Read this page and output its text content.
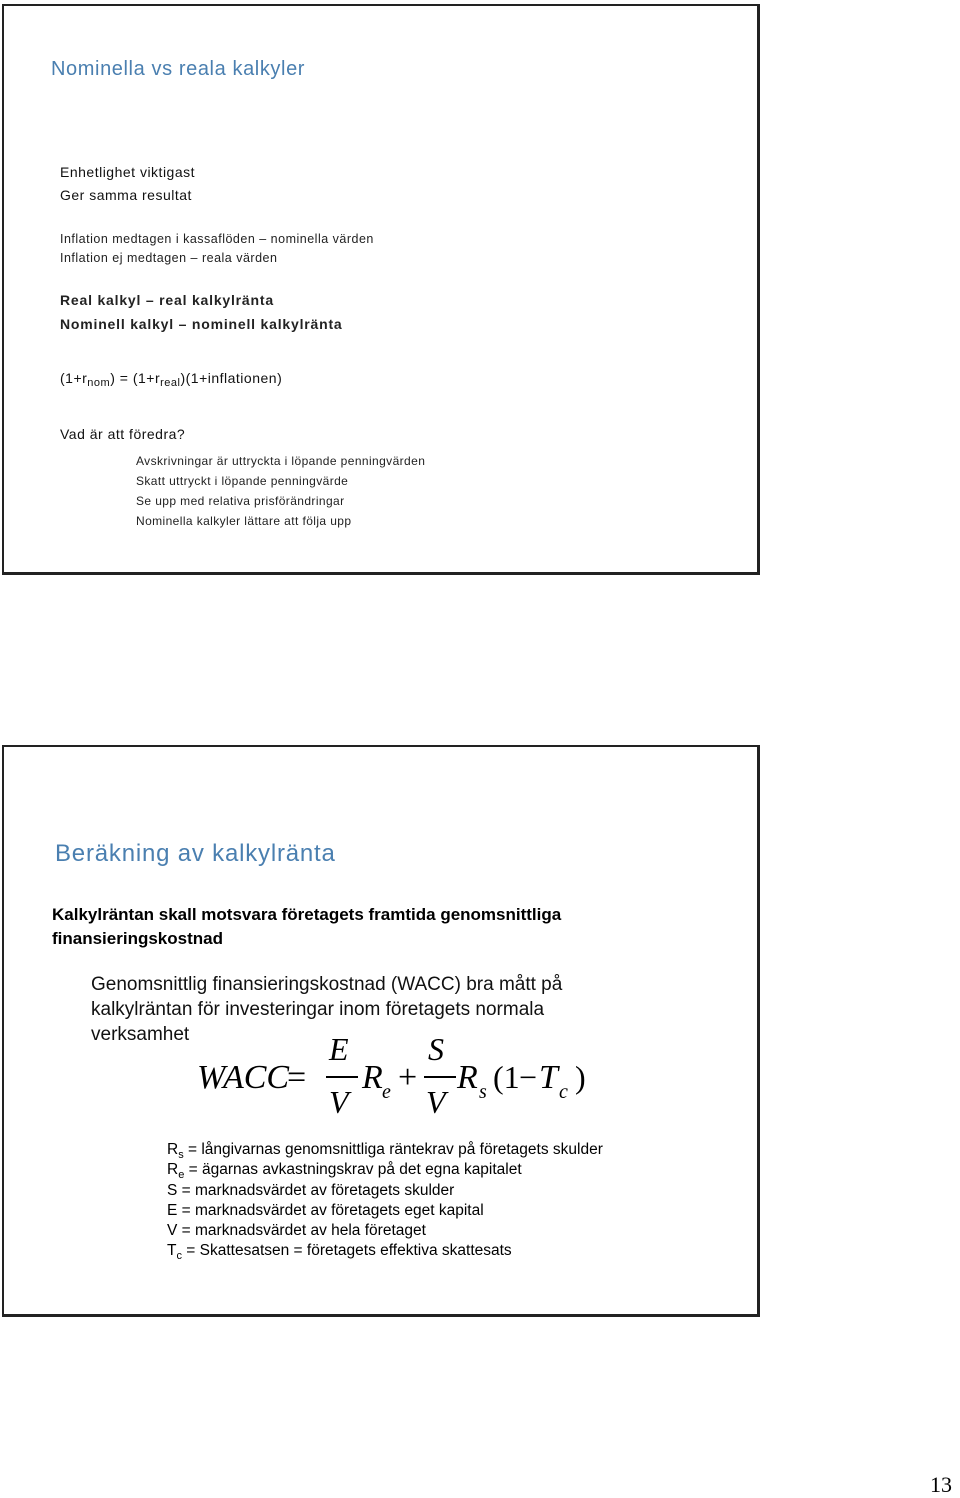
Nominella vs reala kalkyler
Enhetlighet viktigast
Ger samma resultat
Inflation medtagen i kassaflöden – nominella värden
Inflation ej medtagen – reala värden
Real kalkyl – real kalkylränta
Nominell kalkyl – nominell kalkylränta
$(1+r_{nom})$ = $(1+r_{real})(1+inflationen)$
Vad är att föredra?
Avskrivningar är uttryckta i löpande penningvärden
Skatt uttryckt i löpande penningvärde
Se upp med relativa prisförändringar
Nominella kalkyler lättare att följa upp
Beräkning av kalkylränta
Kalkylräntan skall motsvara företagets framtida genomsnittliga
finansieringskostnad
Genomsnittlig finansieringskostnad (WACC) bra mått på
kalkylräntan för investeringar inom företagets normala
verksamhet
WACC
=
E
V
R e +
S
V
R s (1 − T c )
$R_s$ = långivarnas genomsnittliga räntekrav på företagets skulder
$R_e$ = ägarnas avkastningskrav på det egna kapitalet
S = marknadsvärdet av företagets skulder
E = marknadsvärdet av företagets eget kapital
V = marknadsvärdet av hela företaget
$T_c$ = Skattesatsen = företagets effektiva skattesats
13
